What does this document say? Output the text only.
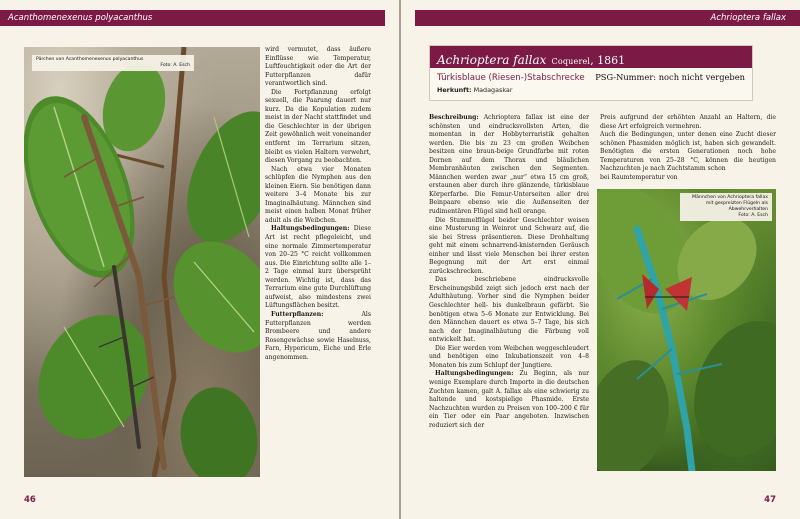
Acanthomenexenus polyacanthus
Pärchen von Acanthomenexenus polyacanthus
Foto: A. Esch

wird vermutet, dass äußere Einflüsse wie Temperatur, Luftfeuchtigkeit oder die Art der Futterpflanzen dafür verantwortlich sind.

Die Fortpflanzung erfolgt sexuell, die Paarung dauert nur kurz. Da die Kopulation zudem meist in der Nacht stattfindet und die Geschlechter in der übrigen Zeit gewöhnlich weit voneinander entfernt im Terrarium sitzen, bleibt es vielen Haltern verwehrt, diesen Vorgang zu beobachten.

Nach etwa vier Monaten schlüpfen die Nymphen aus den kleinen Eiern. Sie benötigen dann weitere 3–4 Monate bis zur Imaginalhäutung. Männchen sind meist einen halben Monat früher adult als die Weibchen.

Haltungsbedingungen: Diese Art ist recht pflegeleicht, und eine normale Zimmertemperatur von 20–25 °C reicht vollkommen aus. Die Einrichtung sollte alle 1–2 Tage einmal kurz übersprüht werden. Wichtig ist, dass das Terrarium eine gute Durchlüftung aufweist, also mindestens zwei Lüftungsflächen besitzt.

Futterpflanzen: Als Futterpflanzen werden Brombeere und andere Rosengewächse sowie Haselnuss, Farn, Hypericum, Eiche und Erle angenommen.

46
Achrioptera fallax
Achrioptera fallax Coquerel, 1861
Türkisblaue (Riesen-)Stabschrecke PSG-Nummer: noch nicht vergeben
Herkunft: Madagaskar

Beschreibung: Achrioptera fallax ist eine der schönsten und eindrucksvollsten Arten, die momentan in der Hobbyterraristik gehalten werden. Die bis zu 23 cm großen Weibchen besitzen eine braun-beige Grundfarbe mit roten Dornen auf dem Thorax und bläulichen Membranhäuten zwischen den Segmenten. Männchen werden zwar „nur“ etwa 15 cm groß, erstaunen aber durch ihre glänzende, türkisblaue Körperfarbe. Die Femur-Unterseiten aller drei Beinpaare ebenso wie die Außenseiten der rudimentären Flügel sind hell orange.

Die Stummelflügel beider Geschlechter weisen eine Musterung in Weinrot und Schwarz auf, die sie bei Stress präsentieren. Diese Drohhaltung geht mit einem schnarrend-knisternden Geräusch einher und lässt viele Menschen bei ihrer ersten Begegnung mit der Art erst einmal zurückschrecken.

Das beschriebene eindrucksvolle Erscheinungsbild zeigt sich jedoch erst nach der Adulthäutung. Vorher sind die Nymphen beider Geschlechter hell- bis dunkelbraun gefärbt. Sie benötigen etwa 5–6 Monate zur Entwicklung. Bei den Männchen dauert es etwa 5–7 Tage, bis sich nach der Imaginalhäutung die Färbung voll entwickelt hat.

Die Eier werden vom Weibchen weggeschleudert und benötigen eine Inkubationszeit von 4–8 Monaten bis zum Schlupf der Jungtiere.

Haltungsbedingungen: Zu Beginn, als nur wenige Exemplare durch Importe in die deutschen Zuchten kamen, galt A. fallax als eine schwierig zu haltende und kostspielige Phasmide. Erste Nachzuchten wurden zu Preisen von 100–200 € für ein Tier oder ein Paar angeboten. Inzwischen reduziert sich der

Preis aufgrund der erhöhten Anzahl an Haltern, die diese Art erfolgreich vermehren.

Auch die Bedingungen, unter denen eine Zucht dieser schönen Phasmiden möglich ist, haben sich gewandelt. Benötigten die ersten Generationen noch hohe Temperaturen von 25–28 °C, können die heutigen Nachzuchten je nach Zuchtstamm schon

bei Raumtemperatur von

Männchen von Achrioptera fallax mit gespreizten Flügeln als Abwehrverhalten
Foto: A. Esch
47
